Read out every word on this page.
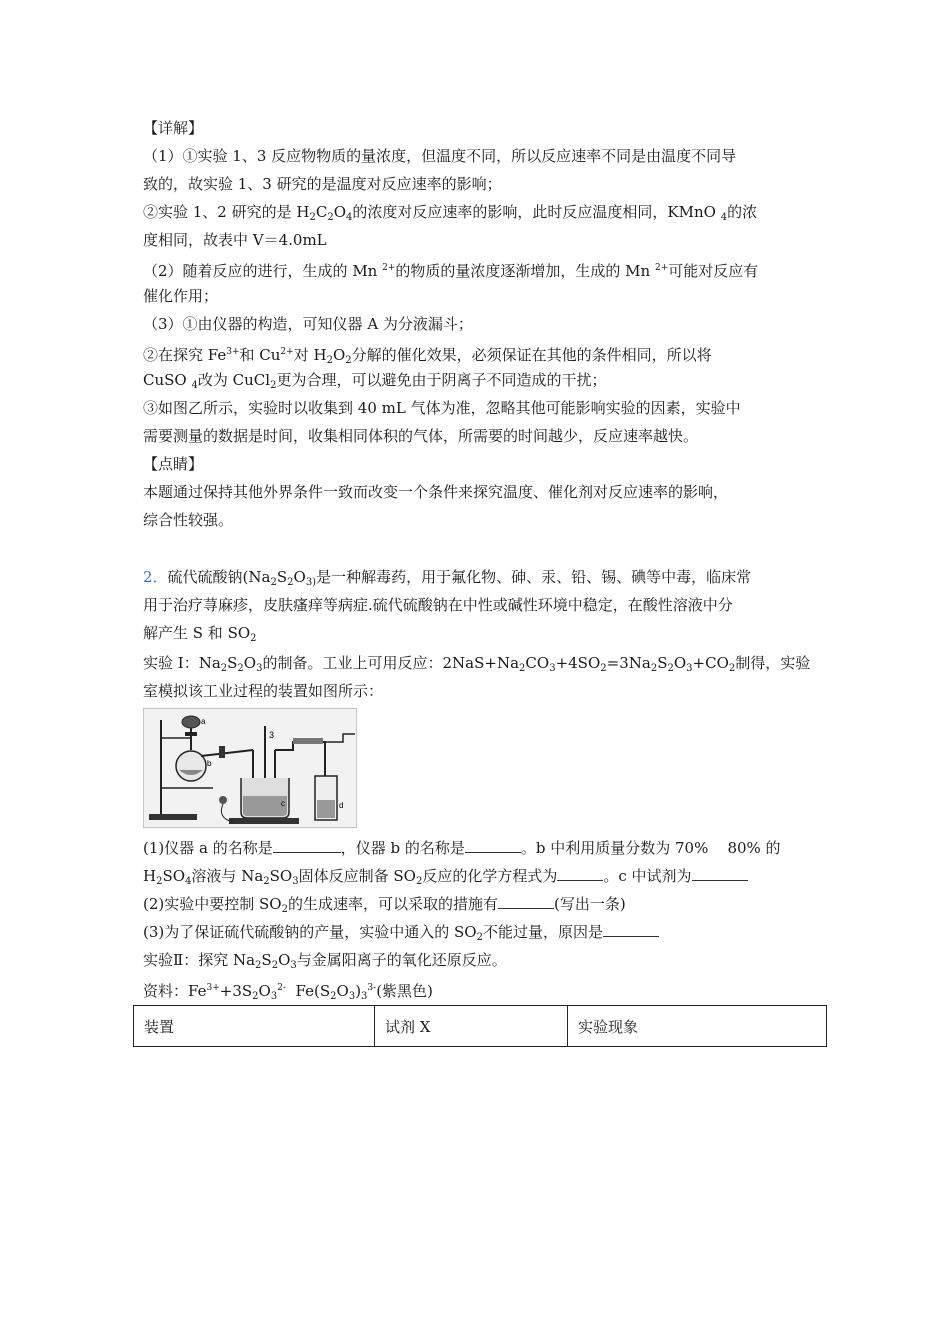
【详解】
（1）①实验 1、3 反应物物质的量浓度，但温度不同，所以反应速率不同是由温度不同导
致的，故实验 1、3 研究的是温度对反应速率的影响；
②实验 1、2 研究的是 $H_2C_2O_4$的浓度对反应速率的影响，此时反应温度相同，KMnO $_4$的浓
度相同，故表中 V＝4.0mL
（2）随着反应的进行，生成的 Mn $^{2+}$的物质的量浓度逐渐增加，生成的 Mn $^{2+}$可能对反应有
催化作用；
（3）①由仪器的构造，可知仪器 A 为分液漏斗；
②在探究 $Fe^{3+}$和 $Cu^{2+}$对 $H_2O_2$分解的催化效果，必须保证在其他的条件相同，所以将
CuSO $_4$改为 CuCl$_2$更为合理，可以避免由于阴离子不同造成的干扰；
③如图乙所示，实验时以收集到 40 mL 气体为准，忽略其他可能影响实验的因素，实验中
需要测量的数据是时间，收集相同体积的气体，所需要的时间越少，反应速率越快。
【点睛】
本题通过保持其他外界条件一致而改变一个条件来探究温度、催化剂对反应速率的影响，
综合性较强。
2．硫代硫酸钠($Na_2S_2O_{3)}$是一种解毒药，用于氟化物、砷、汞、铅、锡、碘等中毒，临床常
用于治疗荨麻疹，皮肤瘙痒等病症.硫代硫酸钠在中性或碱性环境中稳定，在酸性溶液中分
解产生 S 和 $SO_2$
实验 I：$Na_2S_2O_3$的制备。工业上可用反应：$2NaS+Na_2CO_3+4SO_2=3Na_2S_2O_3+CO_2$制得，实验
室模拟该工业过程的装置如图所示：
a
b
3
c	d
(1)仪器 a 的名称是	，仪器 b 的名称是	。b 中利用质量分数为 70% 80% 的
$H_2SO_4$溶液与 $Na_2SO_3$固体反应制备 $SO_2$反应的化学方程式为	。c 中试剂为
(2)实验中要控制 $SO_2$的生成速率，可以采取的措施有	(写出一条)
(3)为了保证硫代硫酸钠的产量，实验中通入的 $SO_2$不能过量，原因是
实验Ⅱ：探究 $Na_2S_2O_3$与金属阳离子的氧化还原反应。
资料：$Fe^{3+}+3S_2O_3^{2-}$ $Fe(S_2O_3)_3^{3-}$(紫黑色)
装置	试剂 X	实验现象
